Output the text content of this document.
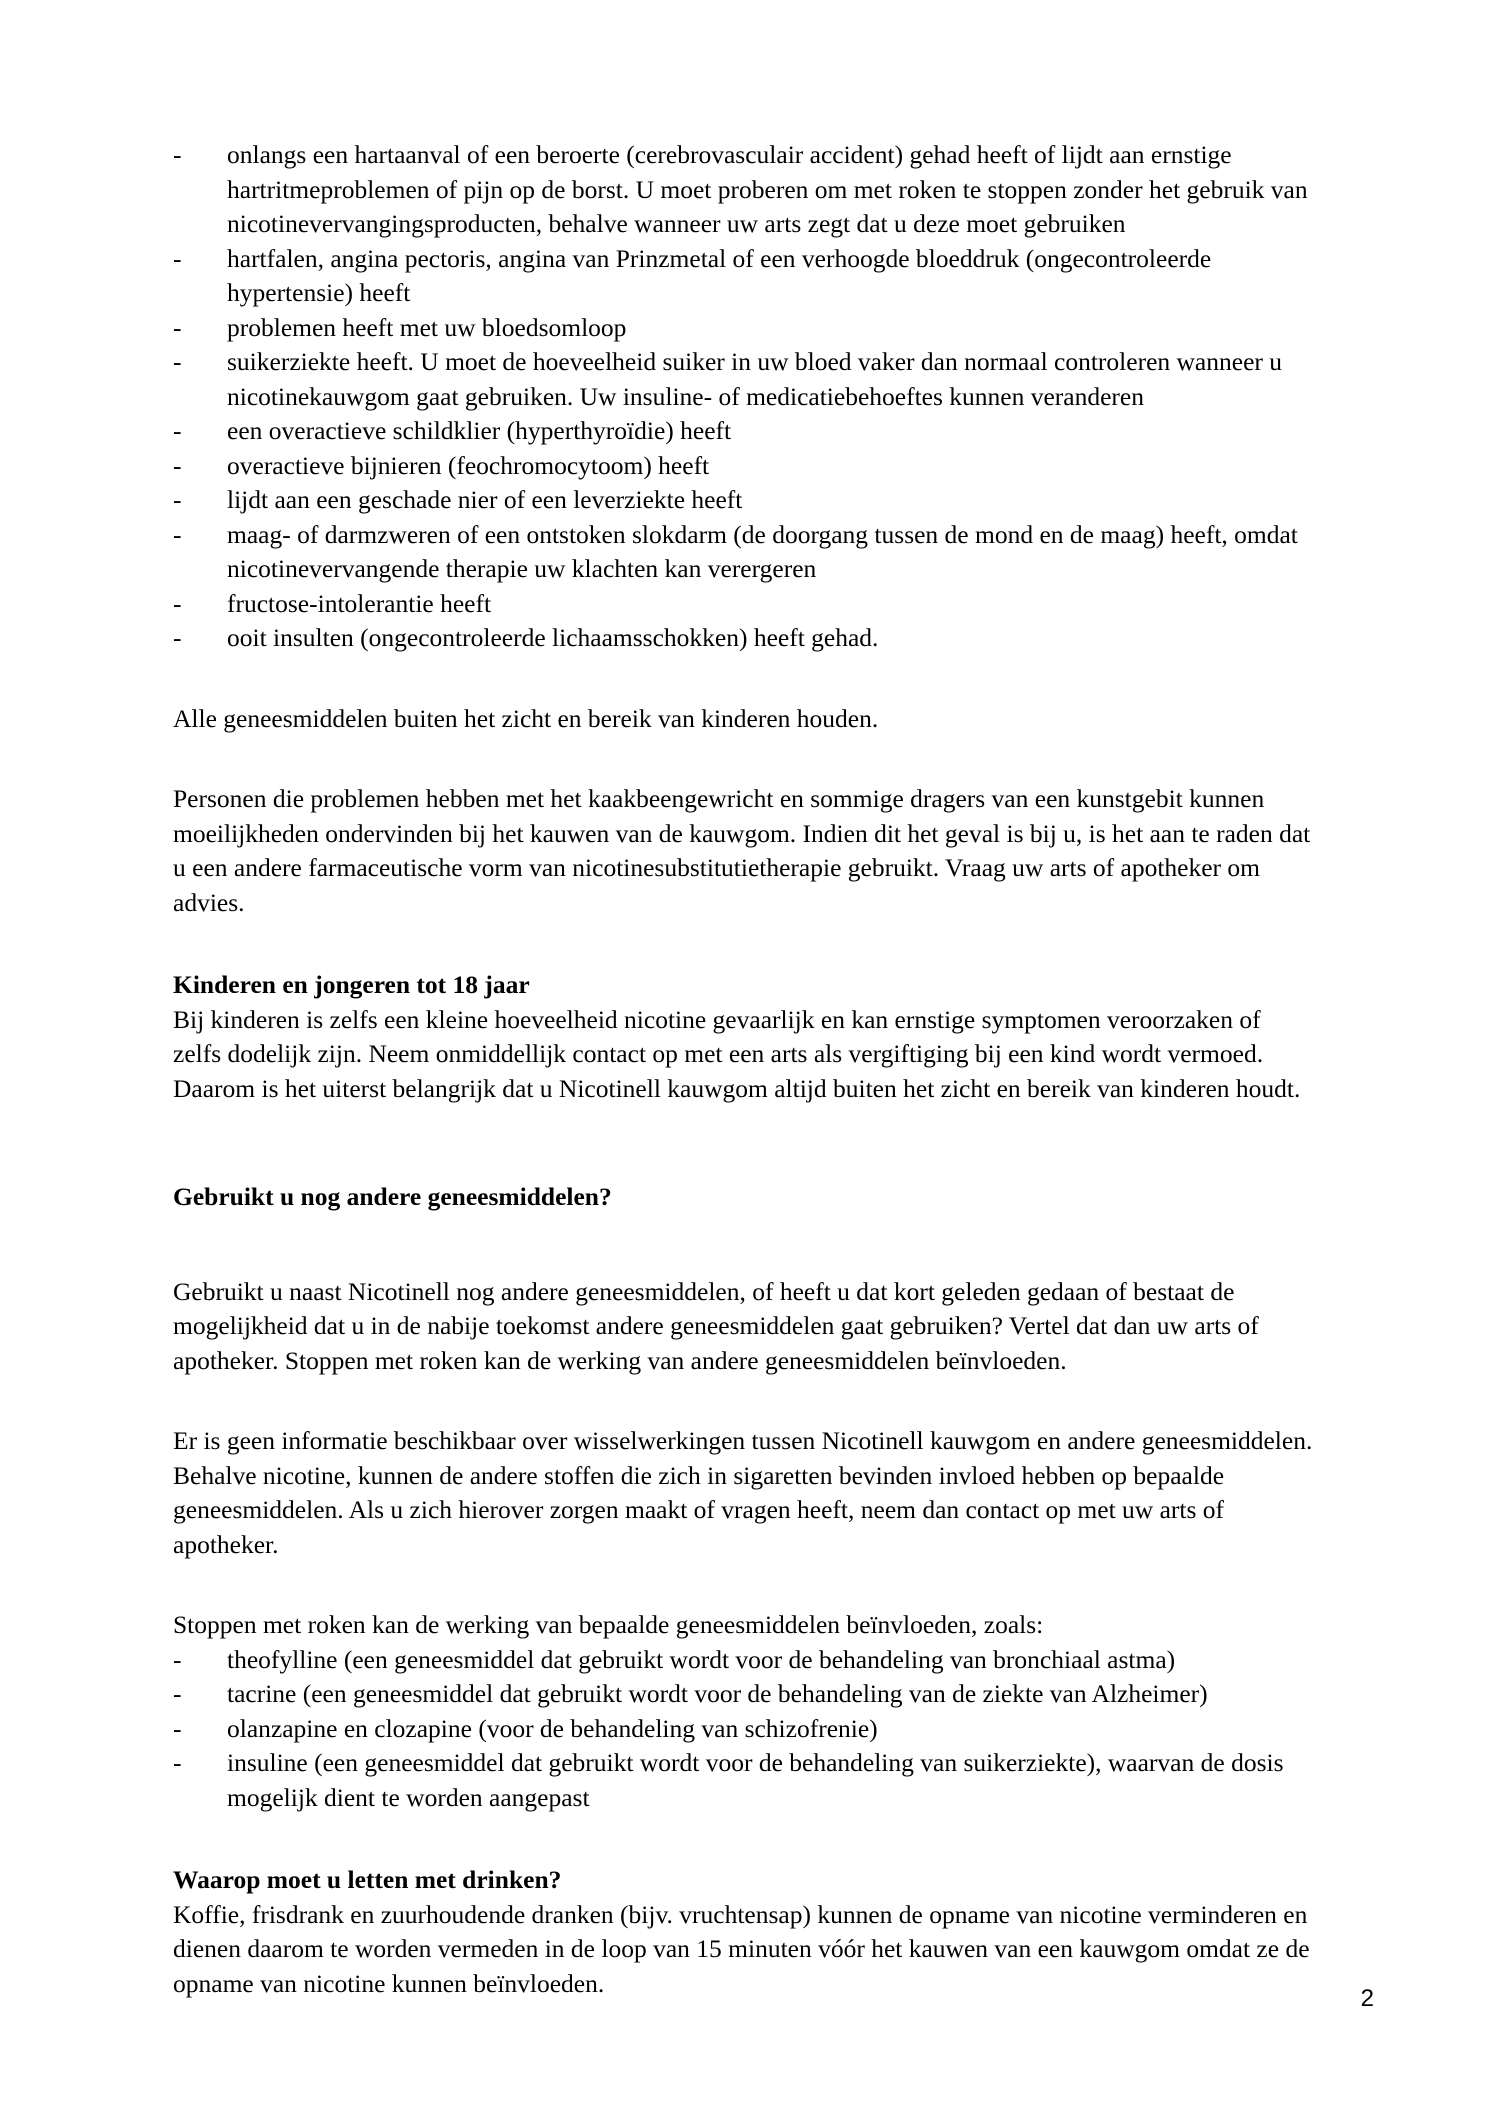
-	onlangs een hartaanval of een beroerte (cerebrovasculair accident) gehad heeft of lijdt aan ernstige hartritmeproblemen of pijn op de borst. U moet proberen om met roken te stoppen zonder het gebruik van nicotinevervangingsproducten, behalve wanneer uw arts zegt dat u deze moet gebruiken
-	hartfalen, angina pectoris, angina van Prinzmetal of een verhoogde bloeddruk (ongecontroleerde hypertensie) heeft
-	problemen heeft met uw bloedsomloop
-	suikerziekte heeft. U moet de hoeveelheid suiker in uw bloed vaker dan normaal controleren wanneer u nicotinekauwgom gaat gebruiken. Uw insuline- of medicatiebehoeftes kunnen veranderen
-	een overactieve schildklier (hyperthyroïdie) heeft
-	overactieve bijnieren (feochromocytoom) heeft
-	lijdt aan een geschade nier of een leverziekte heeft
-	maag- of darmzweren of een ontstoken slokdarm (de doorgang tussen de mond en de maag) heeft, omdat nicotinevervangende therapie uw klachten kan verergeren
-	fructose-intolerantie heeft
-	ooit insulten (ongecontroleerde lichaamsschokken) heeft gehad.

Alle geneesmiddelen buiten het zicht en bereik van kinderen houden.

Personen die problemen hebben met het kaakbeengewricht en sommige dragers van een kunstgebit kunnen moeilijkheden ondervinden bij het kauwen van de kauwgom. Indien dit het geval is bij u, is het aan te raden dat u een andere farmaceutische vorm van nicotinesubstitutietherapie gebruikt. Vraag uw arts of apotheker om advies.

Kinderen en jongeren tot 18 jaar

Bij kinderen is zelfs een kleine hoeveelheid nicotine gevaarlijk en kan ernstige symptomen veroorzaken of zelfs dodelijk zijn. Neem onmiddellijk contact op met een arts als vergiftiging bij een kind wordt vermoed. Daarom is het uiterst belangrijk dat u Nicotinell kauwgom altijd buiten het zicht en bereik van kinderen houdt.

Gebruikt u nog andere geneesmiddelen?

Gebruikt u naast Nicotinell nog andere geneesmiddelen, of heeft u dat kort geleden gedaan of bestaat de mogelijkheid dat u in de nabije toekomst andere geneesmiddelen gaat gebruiken? Vertel dat dan uw arts of apotheker. Stoppen met roken kan de werking van andere geneesmiddelen beïnvloeden.

Er is geen informatie beschikbaar over wisselwerkingen tussen Nicotinell kauwgom en andere geneesmiddelen. Behalve nicotine, kunnen de andere stoffen die zich in sigaretten bevinden invloed hebben op bepaalde geneesmiddelen. Als u zich hierover zorgen maakt of vragen heeft, neem dan contact op met uw arts of apotheker.

Stoppen met roken kan de werking van bepaalde geneesmiddelen beïnvloeden, zoals:

-	theofylline (een geneesmiddel dat gebruikt wordt voor de behandeling van bronchiaal astma)
-	tacrine (een geneesmiddel dat gebruikt wordt voor de behandeling van de ziekte van Alzheimer)
-	olanzapine en clozapine (voor de behandeling van schizofrenie)
-	insuline (een geneesmiddel dat gebruikt wordt voor de behandeling van suikerziekte), waarvan de dosis mogelijk dient te worden aangepast

Waarop moet u letten met drinken?

Koffie, frisdrank en zuurhoudende dranken (bijv. vruchtensap) kunnen de opname van nicotine verminderen en dienen daarom te worden vermeden in de loop van 15 minuten vóór het kauwen van een kauwgom omdat ze de opname van nicotine kunnen beïnvloeden.

2
